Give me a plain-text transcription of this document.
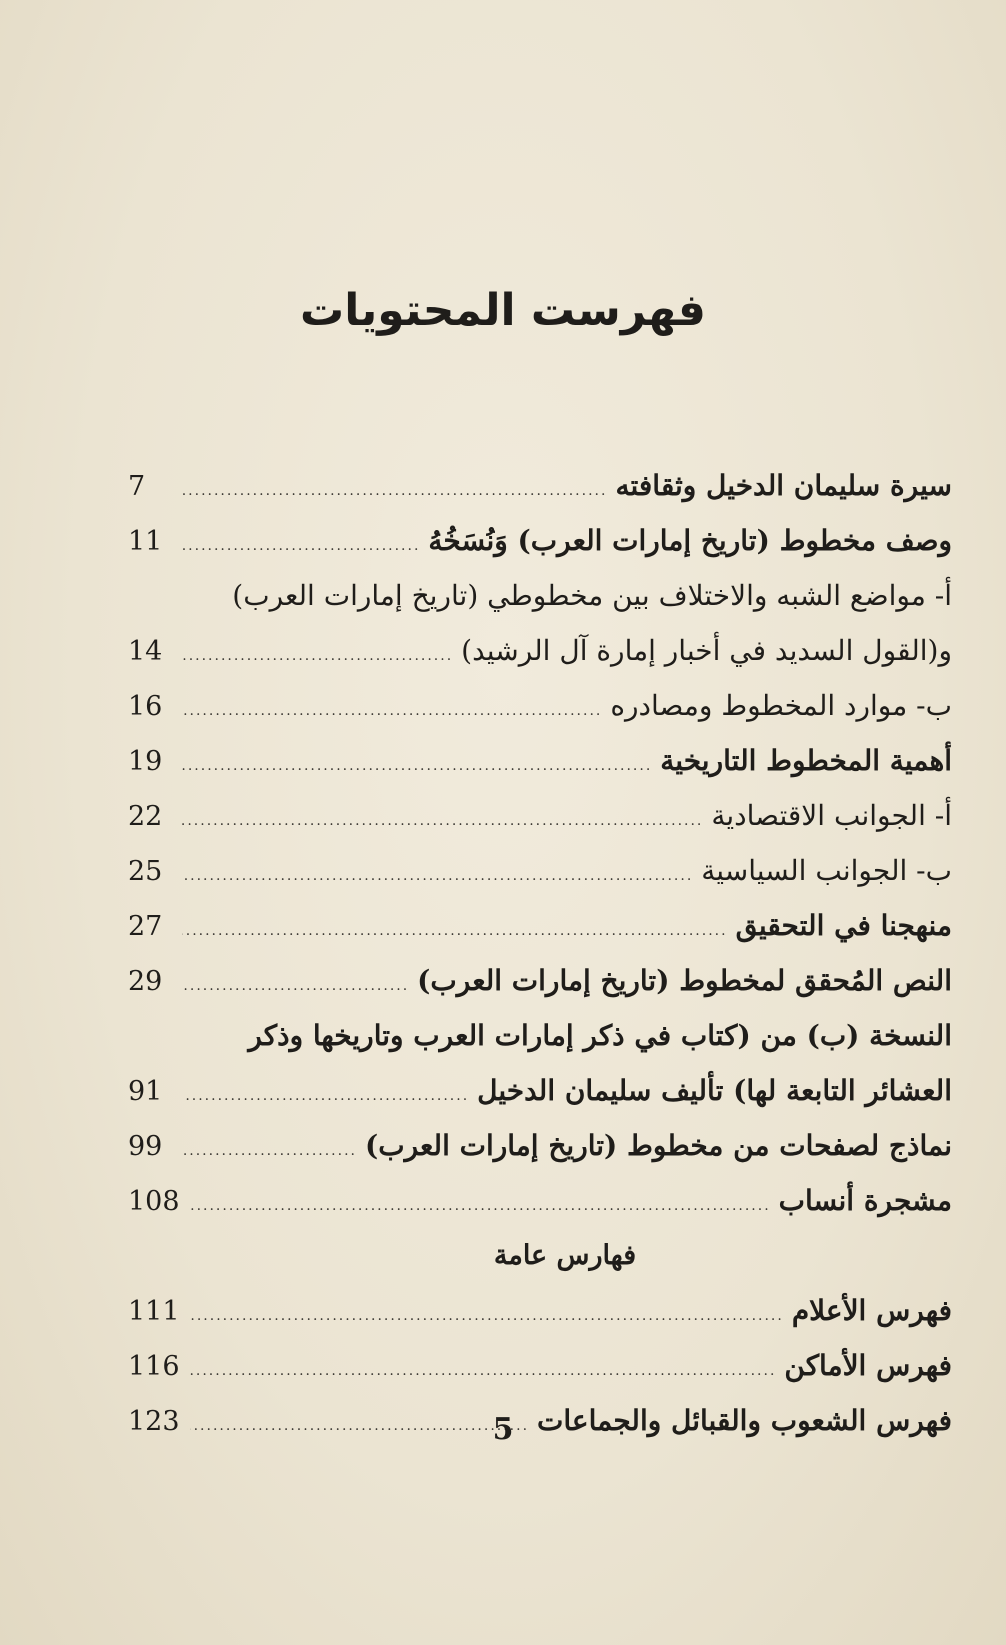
فهرست المحتويات
سيرة سليمان الدخيل وثقافته
.....
7
وصف مخطوط (تاريخ إمارات العرب) وَنُسَخُهُ
.....
11
أ- مواضع الشبه والاختلاف بين مخطوطي (تاريخ إمارات العرب)
و(القول السديد في أخبار إمارة آل الرشيد)
.....
14
ب- موارد المخطوط ومصادره
.....
16
أهمية المخطوط التاريخية
.....
19
أ- الجوانب الاقتصادية
.....
22
ب- الجوانب السياسية
.....
25
منهجنا في التحقيق
.....
27
النص المُحقق لمخطوط (تاريخ إمارات العرب)
.....
29
النسخة (ب) من (كتاب في ذكر إمارات العرب وتاريخها وذكر
العشائر التابعة لها) تأليف سليمان الدخيل
.....
91
نماذج لصفحات من مخطوط (تاريخ إمارات العرب)
.....
99
مشجرة أنساب
.....
108
فهارس عامة
فهرس الأعلام
.....
111
فهرس الأماكن
.....
116
فهرس الشعوب والقبائل والجماعات
.....
123	5
